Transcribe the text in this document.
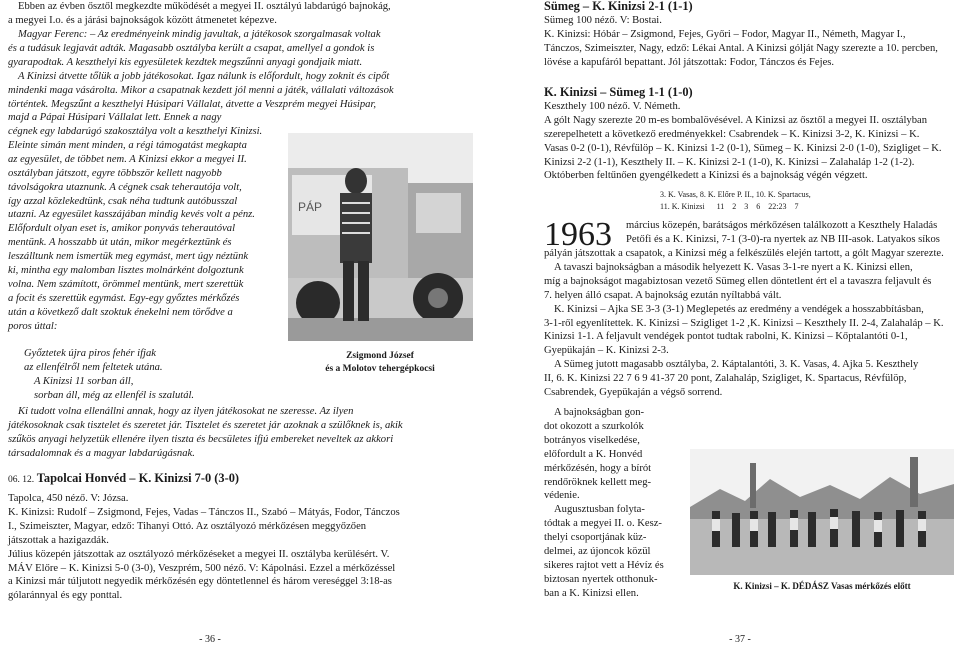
Ebben az évben ősztől megkezdte működését a megyei II. osztályú labdarúgó bajnokág,

a megyei I.o. és a járási bajnokságok között átmenetet képezve.

Magyar Ferenc: – Az eredményeink mindig javultak, a játékosok szorgalmasak voltak

és a tudásuk legjavát adták. Magasabb osztályba került a csapat, amellyel a gondok is

gyarapodtak. A keszthelyi kis egyesületek kezdtek megszűnni anyagi gondjaik miatt.

A Kinizsi átvette tőlük a jobb játékosokat. Igaz nálunk is előfordult, hogy zoknit és cipőt

mindenki maga vásárolta. Mikor a csapatnak kezdett jól menni a játék, vállalati változások

történtek. Megszűnt a keszthelyi Húsipari Vállalat, átvette a Veszprém megyei Húsipar,

majd a Pápai Húsipari Vállalat lett. Ennek a nagy

cégnek egy labdarúgó szakosztálya volt a keszthelyi Kinizsi.

Eleinte simán ment minden, a régi támogatást megkapta

az egyesület, de többet nem. A Kinizsi ekkor a megyei II.

osztályban játszott, egyre többször kellett nagyobb

távolságokra utaznunk. A cégnek csak teherautója volt,

így azzal közlekedtünk, csak néha tudtunk autóbusszal

utazni. Az egyesület kasszájában mindig kevés volt a pénz.

Előfordult olyan eset is, amikor ponyvás teherautóval

mentünk. A hosszabb út után, mikor megérkeztünk és

leszálltunk nem ismertük meg egymást, mert úgy néztünk

ki, mintha egy malomban lisztes molnárként dolgoztunk

volna. Nem számított, örömmel mentünk, mert szerettük

a focit és szerettük egymást. Egy-egy győztes mérkőzés

után a következő dalt szoktuk énekelni nem törődve a

poros úttal:

PÁP

Győztetek újra piros fehér ifjak

az ellenfélről nem feltetek utána.

A Kinizsi 11 sorban áll,

sorban áll, még az ellenfél is szalutál.

Zsigmond József
és a Molotov tehergépkocsi

Ki tudott volna ellenállni annak, hogy az ilyen játékosokat ne szeresse. Az ilyen

játékosoknak csak tisztelet és szeretet jár. Tisztelet és szeretet jár azoknak a szülőknek is, akik

szűkös anyagi helyzetük ellenére ilyen tiszta és becsületes ifjú embereket neveltek az akkori

társadalomnak és a magyar labdarúgásnak.

06. 12. Tapolcai Honvéd – K. Kinizsi 7-0 (3-0)

Tapolca, 450 néző. V: Józsa.

K. Kinizsi: Rudolf – Zsigmond, Fejes, Vadas – Tánczos II., Szabó – Mátyás, Fodor, Tánczos

I., Szimeiszter, Magyar, edző: Tihanyi Ottó. Az osztályozó mérkőzésen meggyőzően

játszottak a hazigazdák.

Július közepén játszottak az osztályozó mérkőzéseket a megyei II. osztályba kerülésért. V.

MÁV Előre – K. Kinizsi 5-0 (3-0), Veszprém, 500 néző. V: Kápolnási. Ezzel a mérkőzéssel

a Kinizsi már túljutott negyedik mérkőzésén egy döntetlennel és három vereséggel 3:18-as

gólaránnyal és egy ponttal.

- 36 -

Sümeg – K. Kinizsi 2-1 (1-1)

Sümeg 100 néző. V: Bostai.

K. Kinizsi: Hóbár – Zsigmond, Fejes, Győri – Fodor, Magyar II., Németh, Magyar I.,

Tánczos, Szimeiszter, Nagy, edző: Lékai Antal. A Kinizsi gólját Nagy szerezte a 10. percben,

lövése a kapufáról bepattant. Jól játszottak: Fodor, Tánczos és Fejes.

K. Kinizsi – Sümeg 1-1 (1-0)

Keszthely 100 néző. V. Németh.

A gólt Nagy szerezte 20 m-es bombalövésével. A Kinizsi az ősztől a megyei II. osztályban

szerepelhetett a következő eredményekkel: Csabrendek – K. Kinizsi 3-2, K. Kinizsi – K.

Vasas 0-2 (0-1), Révfülöp – K. Kinizsi 1-2 (0-1), Sümeg – K. Kinizsi 2-0 (1-0), Szigliget – K.

Kinizsi 2-2 (1-1), Keszthely II. – K. Kinizsi 2-1 (1-0), K. Kinizsi – Zalahaláp 1-2 (1-2).

Októberben feltűnően gyengélkedett a Kinizsi és a bajnokság végén végzett.

3. K. Vasas, 8. K. Előre P. II., 10. K. Spartacus,
11. K. Kinizsi 11 2 3 6 22:23 7
1963 március közepén, barátságos mérkőzésen találkozott a Keszthely Haladás

Petőfi és a K. Kinizsi, 7-1 (3-0)-ra nyertek az NB III-asok. Latyakos síkos

pályán játszottak a csapatok, a Kinizsi még a felkészülés elején tartott, a gólt Magyar szerezte.

A tavaszi bajnokságban a második helyezett K. Vasas 3-1-re nyert a K. Kinizsi ellen,

míg a bajnokságot magabiztosan vezető Sümeg ellen döntetlent ért el a tavaszra feljavult és

7. helyen álló csapat. A bajnokság ezután nyíltabbá vált.

K. Kinizsi – Ajka SE 3-3 (3-1) Meglepetés az eredmény a vendégek a hosszabbításban,

3-1-ről egyenlítettek. K. Kinizsi – Szigliget 1-2 ,K. Kinizsi – Keszthely II. 2-4, Zalahaláp – K.

Kinizsi 1-1. A feljavult vendégek pontot tudtak rabolni, K. Kinizsi – Kőptalantóti 0-1,

Gyepükaján – K. Kinizsi 2-3.

A Sümeg jutott magasabb osztályba, 2. Káptalantóti, 3. K. Vasas, 4. Ajka 5. Keszthely

II, 6. K. Kinizsi 22 7 6 9 41-37 20 pont, Zalahaláp, Szigliget, K. Spartacus, Révfülöp,

Csabrendek, Gyepükaján a végső sorrend.

A bajnokságban gon-

dot okozott a szurkolók

botrányos viselkedése,

előfordult a K. Honvéd

mérkőzésén, hogy a bírót

rendőröknek kellett meg-

védenie.

Augusztusban folyta-

tódtak a megyei II. o. Kesz-

thelyi csoportjának küz-

delmei, az újoncok közül

sikeres rajtot vett a Hévíz és

biztosan nyertek otthonuk-

ban a K. Kinizsi ellen.

K. Kinizsi – K. DÉDÁSZ Vasas mérkőzés előtt
- 37 -
